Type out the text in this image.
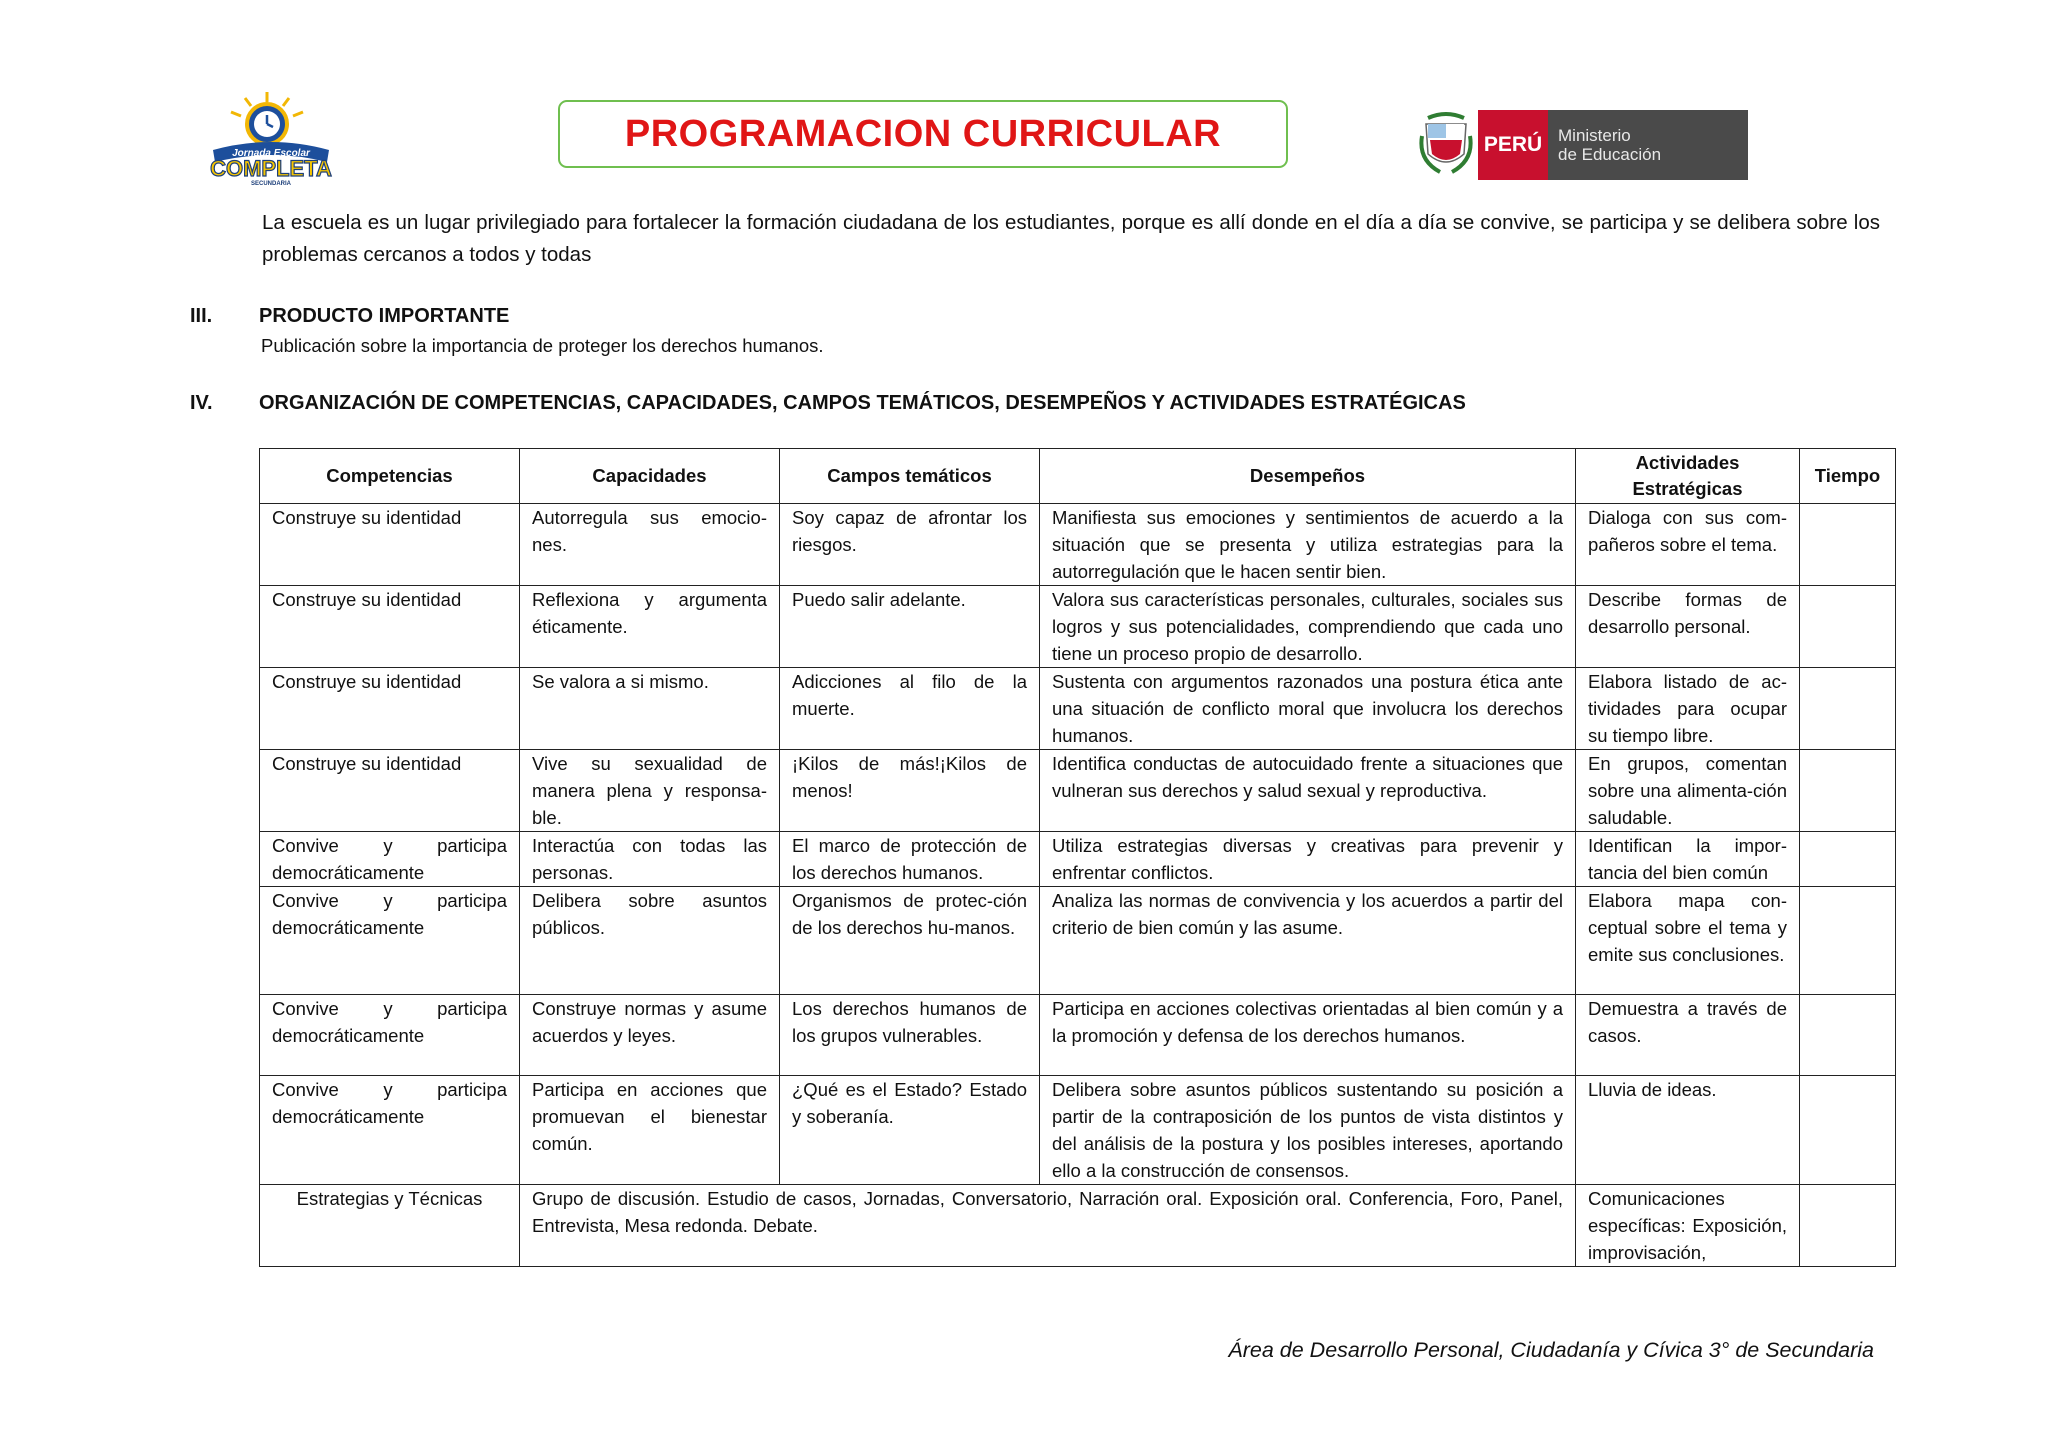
Jornada Escolar
COMPLETA
SECUNDARIA
PROGRAMACION CURRICULAR	PERÚ Ministerio
de Educación
La escuela es un lugar privilegiado para fortalecer la formación ciudadana de los estudiantes, porque es allí donde en el día a día se convive, se participa y se delibera sobre los problemas cercanos a todos y todas
III. PRODUCTO IMPORTANTE
Publicación sobre la importancia de proteger los derechos humanos.
IV. ORGANIZACIÓN DE COMPETENCIAS, CAPACIDADES, CAMPOS TEMÁTICOS, DESEMPEÑOS Y ACTIVIDADES ESTRATÉGICAS
Competencias	Capacidades	Campos temáticos	Desempeños	Actividades Estratégicas	Tiempo
Construye su identidad	Autorregula sus emocio-nes.	Soy capaz de afrontar los riesgos.	Manifiesta sus emociones y sentimientos de acuerdo a la situación que se presenta y utiliza estrategias para la autorregulación que le hacen sentir bien.	Dialoga con sus com-pañeros sobre el tema.	
Construye su identidad	Reflexiona y argumenta éticamente.	Puedo salir adelante.	Valora sus características personales, culturales, sociales sus logros y sus potencialidades, comprendiendo que cada uno tiene un proceso propio de desarrollo.	Describe formas de desarrollo personal.	
Construye su identidad	Se valora a si mismo.	Adicciones al filo de la muerte.	Sustenta con argumentos razonados una postura ética ante una situación de conflicto moral que involucra los derechos humanos.	Elabora listado de ac-tividades para ocupar su tiempo libre.	
Construye su identidad	Vive su sexualidad de manera plena y responsa-ble.	¡Kilos de más!¡Kilos de menos!	Identifica conductas de autocuidado frente a situaciones que vulneran sus derechos y salud sexual y reproductiva.	En grupos, comentan sobre una alimenta-ción saludable.	
Convive y participa democráticamente	Interactúa con todas las personas.	El marco de protección de los derechos humanos.	Utiliza estrategias diversas y creativas para prevenir y enfrentar conflictos.	Identifican la impor-tancia del bien común	
Convive y participa democráticamente	Delibera sobre asuntos públicos.	Organismos de protec-ción de los derechos hu-manos.	Analiza las normas de convivencia y los acuerdos a partir del criterio de bien común y las asume.	Elabora mapa con-ceptual sobre el tema y emite sus conclusiones.	
Convive y participa democráticamente	Construye normas y asume acuerdos y leyes.	Los derechos humanos de los grupos vulnerables.	Participa en acciones colectivas orientadas al bien común y a la promoción y defensa de los derechos humanos.	Demuestra a través de casos.	
Convive y participa democráticamente	Participa en acciones que promuevan el bienestar común.	¿Qué es el Estado? Estado y soberanía.	Delibera sobre asuntos públicos sustentando su posición a partir de la contraposición de los puntos de vista distintos y del análisis de la postura y los posibles intereses, aportando ello a la construcción de consensos.	Lluvia de ideas.	
Estrategias y Técnicas	Grupo de discusión. Estudio de casos, Jornadas, Conversatorio, Narración oral. Exposición oral. Conferencia, Foro, Panel, Entrevista, Mesa redonda. Debate.			Comunicaciones específicas: Exposición, improvisación,	
Área de Desarrollo Personal, Ciudadanía y Cívica 3° de Secundaria
